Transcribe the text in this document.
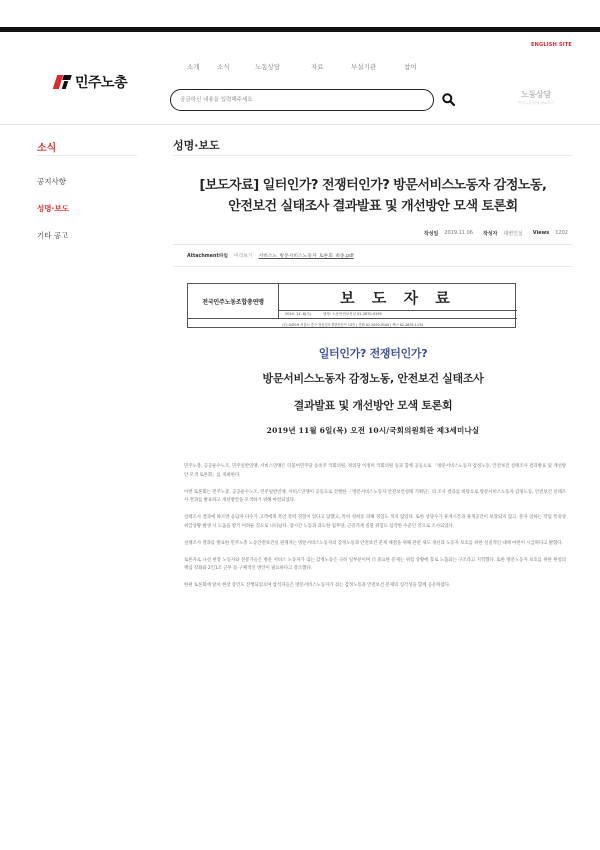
ENGLISH SITE
민주노총
소개	소식	노동상담	자료	부설기관	참여
궁금하신 내용을 입력해주세요
노동상담
민주노총 상담 바로가기
소식	성명·보도
공지사항
성명·보도
기타 공고
[보도자료] 일터인가? 전쟁터인가? 방문서비스노동자 감정노동,
안전보건 실태조사 결과발표 및 개선방안 모색 토론회
작성일 2019.11.06 작성자 대변인실 Views 1202
Attachment파일 미리보기 서비스노_방문서비스노동자_토론회_최종.pdf
전국민주노동조합총연맹	보 도 자 료
2019. 11. 6(수)	담당: 노동안전보건실 02-2670-9195
(우) 04519 서울시 중구 정동길3 경향신문사 13층 | 전화 02-2670-9100 | 팩스 02-2635-1134
일터인가? 전쟁터인가?
방문서비스노동자 감정노동, 안전보건 실태조사
결과발표 및 개선방안 모색 토론회
2019년 11월 6일(목) 오전 10시/국회의원회관 제3세미나실

민주노총, 공공운수노조, 민주일반연맹, 서비스연맹은 더불어민주당 송옥주 국회의원, 정의당 이정미 국회의원 등과 함께 공동으로 「방문서비스노동자 감정노동, 안전보건 실태조사 결과발표 및 개선방안 모색 토론회」를 개최한다.

이번 토론회는 민주노총, 공공운수노조, 민주일반연맹, 서비스연맹이 공동으로 진행한 「방문서비스노동자 안전보건실태 기획단」의 조사 결과를 바탕으로 방문서비스노동자 감정노동, 안전보건 실태조사 결과를 발표하고 개선방안을 모색하기 위해 마련되었다.

실태조사 결과에 따르면 응답자 다수가 고객에게 폭언 폭력 경험이 있다고 답했고, 특히 성희롱 피해 경험도 적지 않았다. 또한 상당수가 휴게시간과 휴게공간이 보장되지 않고, 혼자 일하는 작업 특성상 위급상황 발생 시 도움을 받기 어려운 것으로 나타났다. 장시간 노동과 과도한 업무량, 근골격계 질환 위험도 심각한 수준인 것으로 조사되었다.

실태조사 결과를 발표한 민주노총 노동안전보건실 관계자는 방문서비스노동자의 감정노동과 안전보건 문제 해결을 위해 관련 제도 개선과 노동자 보호를 위한 실질적인 대책 마련이 시급하다고 밝혔다.

토론자로 나선 현장 노동자와 전문가들은 방문 서비스 노동자가 겪는 감정노동은 극히 일부분이며 더 중요한 문제는 위험 상황에 홀로 노출되는 구조라고 지적했다. 또한 방문노동자 보호를 위한 원청의 책임 강화와 2인1조 근무 등 구체적인 방안이 필요하다고 강조했다.

한편 토론회에 앞서 현장 증언도 진행되었으며 참석자들은 방문서비스노동자가 겪는 감정노동과 안전보건 문제의 심각성을 함께 공유하였다.
